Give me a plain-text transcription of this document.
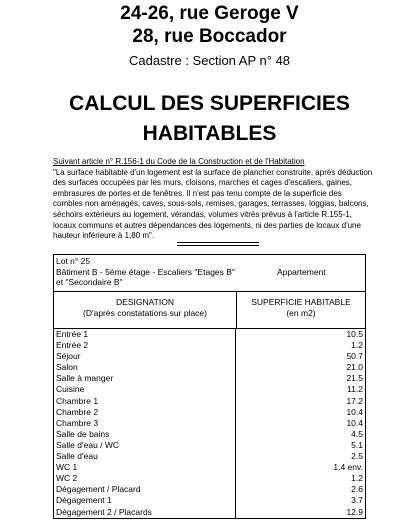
24-26, rue Geroge V
28, rue Boccador
Cadastre : Section AP n° 48
CALCUL DES SUPERFICIES HABITABLES
Suivant article n° R.156-1 du Code de la Construction et de l'Habitation
"La surface habitable d'un logement est la surface de plancher construite, après déduction des surfaces occupées par les murs, cloisons, marches et cages d'escaliers, gaines, embrasures de portes et de fenêtres. Il n'est pas tenu compte de la superficie des combles non aménagés, caves, sous-sols, remises, garages, terrasses, loggias, balcons, séchoirs extérieurs au logement, vérandas, volumes vitrés prévus à l'article R.155-1, locaux communs et autres dépendances des logements, ni des parties de locaux d'une hauteur inférieure à 1,80 m".
Lot n° 25
Bâtiment B - 5ème étage - Escaliers "Etages B"
et "Secondaire B"
Appartement
DESIGNATION
(D'après constatations sur place)
SUPERFICIE HABITABLE
(en m2)
Entrée 1	10.5
Entrée 2	1.2
Séjour	50.7
Salon	21.0
Salle à manger	21.5
Cuisine	11.2
Chambre 1	17.2
Chambre 2	10.4
Chambre 3	10.4
Salle de bains	4.5
Salle d'eau / WC	5.1
Salle d'eau	2.5
WC 1	1.4 env.
WC 2	1.2
Dégagement / Placard	2.6
Dégagement 1	3.7
Dégagement 2 / Placards	12.9
